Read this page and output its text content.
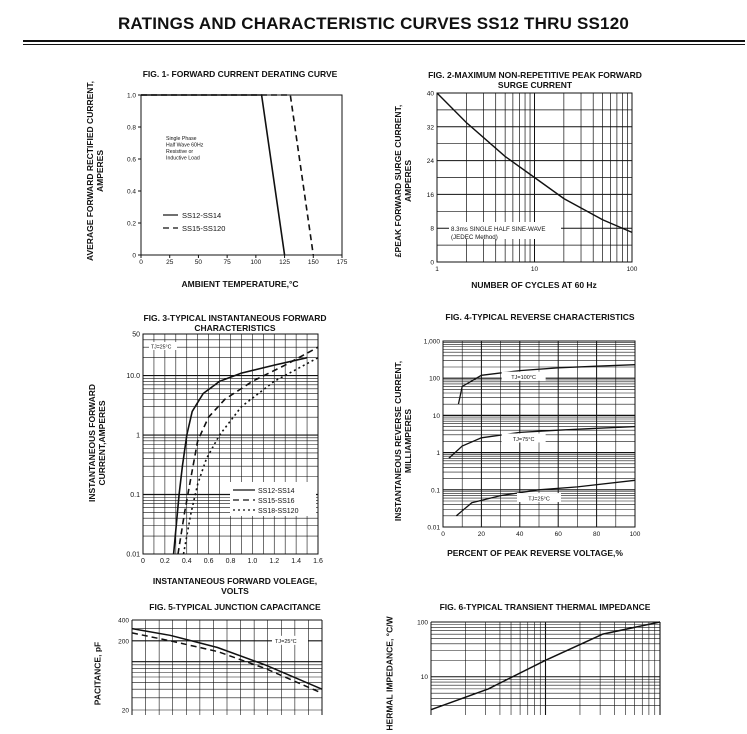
RATINGS AND CHARACTERISTIC CURVES SS12 THRU SS120
FIG. 1- FORWARD CURRENT DERATING CURVE
AVERAGE FORWARD RECTIFIED CURRENT, AMPERES
0	25	50	75	100	125	150	175
0
0.2
0.4
0.6
0.8
1.0
Single Phase
Half Wave 60Hz
Resistive or
Inductive Load
SS12-SS14
SS15-SS120
1	10	100
0
8
16
24
32
40
8.3ms SINGLE HALF SINE-WAVE
(JEDEC Method)
0 0.2 0.4 0.6 0.8 1.0 1.2 1.4 1.6
0.01
0.1
1
10.0
50
TJ=25°C
SS12-SS14
SS15-SS16
SS18-SS120
0	20	40	60	80	100
0.01
0.1
1
10
100
1,000
TJ=100°C
TJ=75°C
TJ=25°C
400
200
20
TJ=25°C
100
10
AMBIENT TEMPERATURE,°C
FIG. 2-MAXIMUM NON-REPETITIVE PEAK FORWARD
SURGE CURRENT
£PEAK FORWARD SURGE CURRENT, AMPERES
NUMBER OF CYCLES AT 60 Hz
FIG. 3-TYPICAL INSTANTANEOUS FORWARD
CHARACTERISTICS
INSTANTANEOUS FORWARD CURRENT,AMPERES
INSTANTANEOUS FORWARD VOLEAGE,
VOLTS
FIG. 4-TYPICAL REVERSE CHARACTERISTICS
INSTANTANEOUS REVERSE CURRENT, MILLIAMPERES
PERCENT OF PEAK REVERSE VOLTAGE,%
FIG. 5-TYPICAL JUNCTION CAPACITANCE
PACITANCE, pF
FIG. 6-TYPICAL TRANSIENT THERMAL IMPEDANCE
HERMAL IMPEDANCE, °C/W
